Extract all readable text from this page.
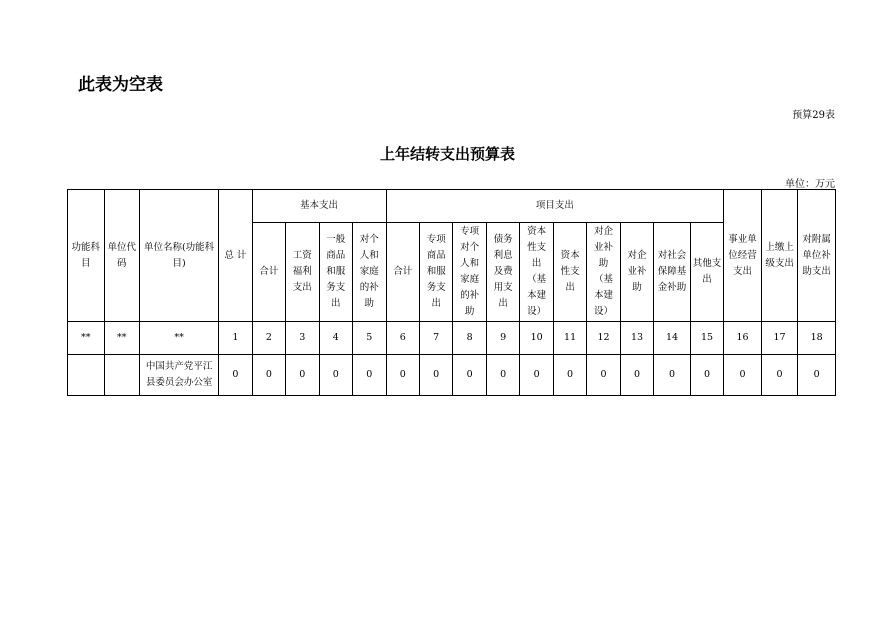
此表为空表
预算29表
上年结转支出预算表
单位：万元
功能科目	单位代码	单位名称(功能科目)	总 计	基本支出				项目支出										事业单位经营支出	上缴上级支出	对附属单位补助支出
				合计	工资福利支出	一般商品和服务支出	对个人和家庭的补助	合计	专项商品和服务支出	专项对个人和家庭的补助	债务利息及费用支出	资本性支出（基本建设）	资本性支出	对企业补助（基本建设）	对企业补助	对社会保障基金补助	其他支出			
**	**	**	1	2	3	4	5	6	7	8	9	10	11	12	13	14	15	16	17	18
		中国共产党平江县委员会办公室	0	0	0	0	0	0	0	0	0	0	0	0	0	0	0	0	0	0
